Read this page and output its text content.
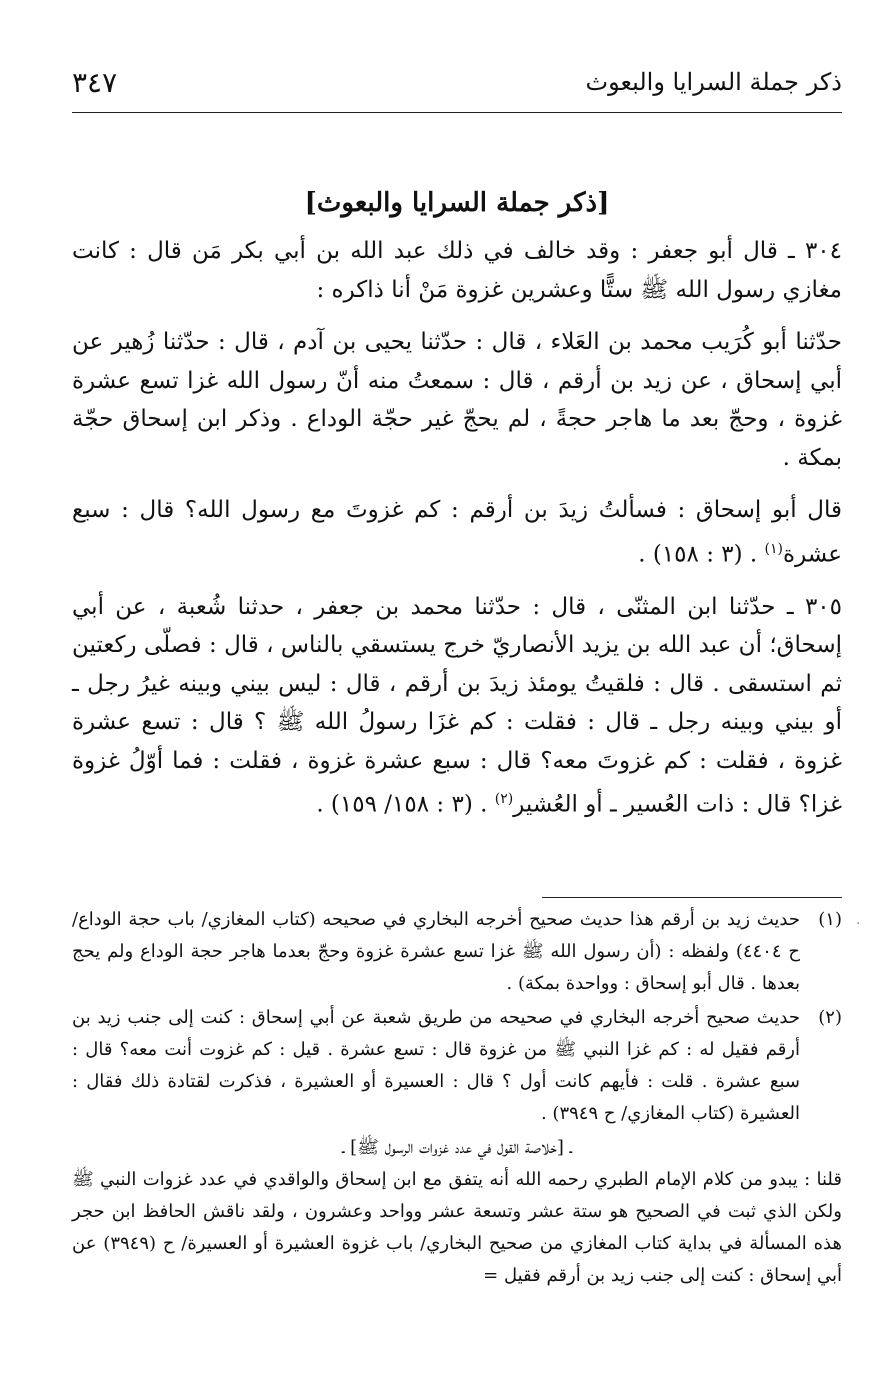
ذكر جملة السرايا والبعوث
٣٤٧
[ذكر جملة السرايا والبعوث]

٣٠٤ ـ قال أبو جعفر : وقد خالف في ذلك عبد الله بن أبي بكر مَن قال : كانت مغازي رسول الله ﷺ ستًّا وعشرين غزوة مَنْ أنا ذاكره :

حدّثنا أبو كُرَيب محمد بن العَلاء ، قال : حدّثنا يحيى بن آدم ، قال : حدّثنا زُهير عن أبي إسحاق ، عن زيد بن أرقم ، قال : سمعتُ منه أنّ رسول الله غزا تسع عشرة غزوة ، وحجّ بعد ما هاجر حجةً ، لم يحجّ غير حجّة الوداع . وذكر ابن إسحاق حجّة بمكة .

قال أبو إسحاق : فسألتُ زيدَ بن أرقم : كم غزوتَ مع رسول الله؟ قال : سبع عشرة$^{(١)}$ . (٣ : ١٥٨) .

٣٠٥ ـ حدّثنا ابن المثنّى ، قال : حدّثنا محمد بن جعفر ، حدثنا شُعبة ، عن أبي إسحاق؛ أن عبد الله بن يزيد الأنصاريّ خرج يستسقي بالناس ، قال : فصلّى ركعتين ثم استسقى . قال : فلقيتُ يومئذ زيدَ بن أرقم ، قال : ليس بيني وبينه غيرُ رجل ـ أو بيني وبينه رجل ـ قال : فقلت : كم غزَا رسولُ الله ﷺ ؟ قال : تسع عشرة غزوة ، فقلت : كم غزوتَ معه؟ قال : سبع عشرة غزوة ، فقلت : فما أوّلُ غزوة غزا؟ قال : ذات العُسير ـ أو العُشير$^{(٢)}$ . (٣ : ١٥٨/ ١٥٩) .

.
(١)
حديث زيد بن أرقم هذا حديث صحيح أخرجه البخاري في صحيحه (كتاب المغازي/ باب حجة الوداع/ ح ٤٤٠٤) ولفظه : (أن رسول الله ﷺ غزا تسع عشرة غزوة وحجّ بعدما هاجر حجة الوداع ولم يحج بعدها . قال أبو إسحاق : وواحدة بمكة) .
(٢)
حديث صحيح أخرجه البخاري في صحيحه من طريق شعبة عن أبي إسحاق : كنت إلى جنب زيد بن أرقم فقيل له : كم غزا النبي ﷺ من غزوة قال : تسع عشرة . قيل : كم غزوت أنت معه؟ قال : سبع عشرة . قلت : فأيهم كانت أول ؟ قال : العسيرة أو العشيرة ، فذكرت لقتادة ذلك فقال : العشيرة (كتاب المغازي/ ح ٣٩٤٩) .

ـ [خلاصة القول في عدد غزوات الرسول ﷺ] ـ

قلنا : يبدو من كلام الإمام الطبري رحمه الله أنه يتفق مع ابن إسحاق والواقدي في عدد غزوات النبي ﷺ ولكن الذي ثبت في الصحيح هو ستة عشر وتسعة عشر وواحد وعشرون ، ولقد ناقش الحافظ ابن حجر هذه المسألة في بداية كتاب المغازي من صحيح البخاري/ باب غزوة العشيرة أو العسيرة/ ح (٣٩٤٩) عن أبي إسحاق : كنت إلى جنب زيد بن أرقم فقيل =
